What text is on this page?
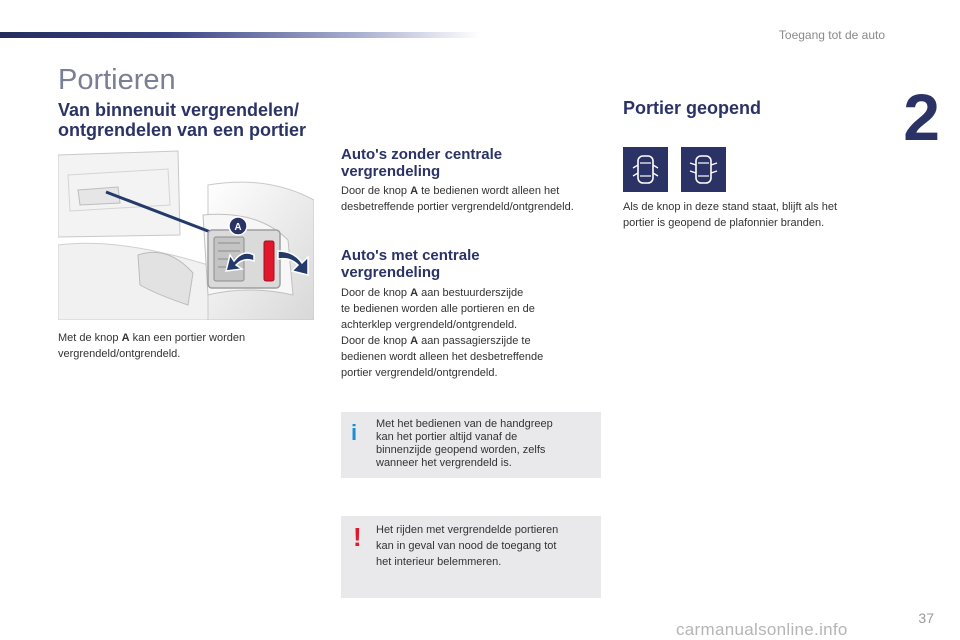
Toegang tot de auto
2
Portieren
Van binnenuit vergrendelen/
ontgrendelen van een portier
A
Met de knop A kan een portier worden
vergrendeld/ontgrendeld.
Auto's zonder centrale
vergrendeling
Door de knop A te bedienen wordt alleen het
desbetreffende portier vergrendeld/ontgrendeld.
Auto's met centrale
vergrendeling
Door de knop A aan bestuurderszijde
te bedienen worden alle portieren en de
achterklep vergrendeld/ontgrendeld.
Door de knop A aan passagierszijde te
bedienen wordt alleen het desbetreffende
portier vergrendeld/ontgrendeld.
i Met het bedienen van de handgreep
kan het portier altijd vanaf de
binnenzijde geopend worden, zelfs
wanneer het vergrendeld is.
! Het rijden met vergrendelde portieren
kan in geval van nood de toegang tot
het interieur belemmeren.
Portier geopend
Als de knop in deze stand staat, blijft als het
portier is geopend de plafonnier branden.
37
carmanualsonline.info
